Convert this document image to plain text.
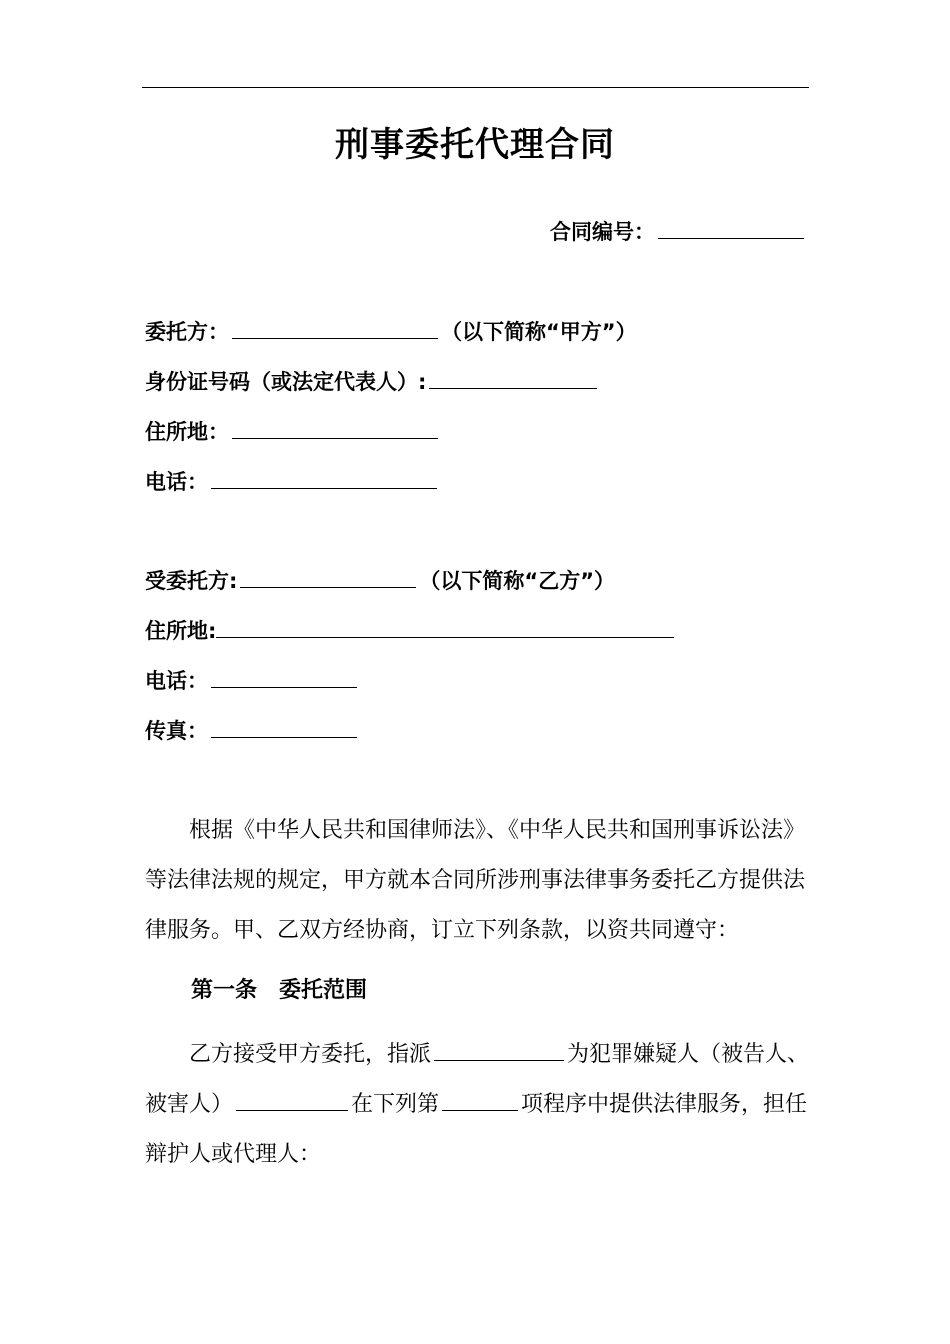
刑事委托代理合同
合同编号：
委托方：	（以下简称“甲方”）
身份证号码（或法定代表人）:
住所地：
电话：
受委托方:	（以下简称“乙方”）
住所地:
电话：
传真：
根据《中华人民共和国律师法》、《中华人民共和国刑事诉讼法》
等法律法规的规定，甲方就本合同所涉刑事法律事务委托乙方提供法
律服务。甲、乙双方经协商，订立下列条款，以资共同遵守：
第一条　委托范围
乙方接受甲方委托，指派	为犯罪嫌疑人（被告人、
被害人）	在下列第	项程序中提供法律服务，担任
辩护人或代理人：
